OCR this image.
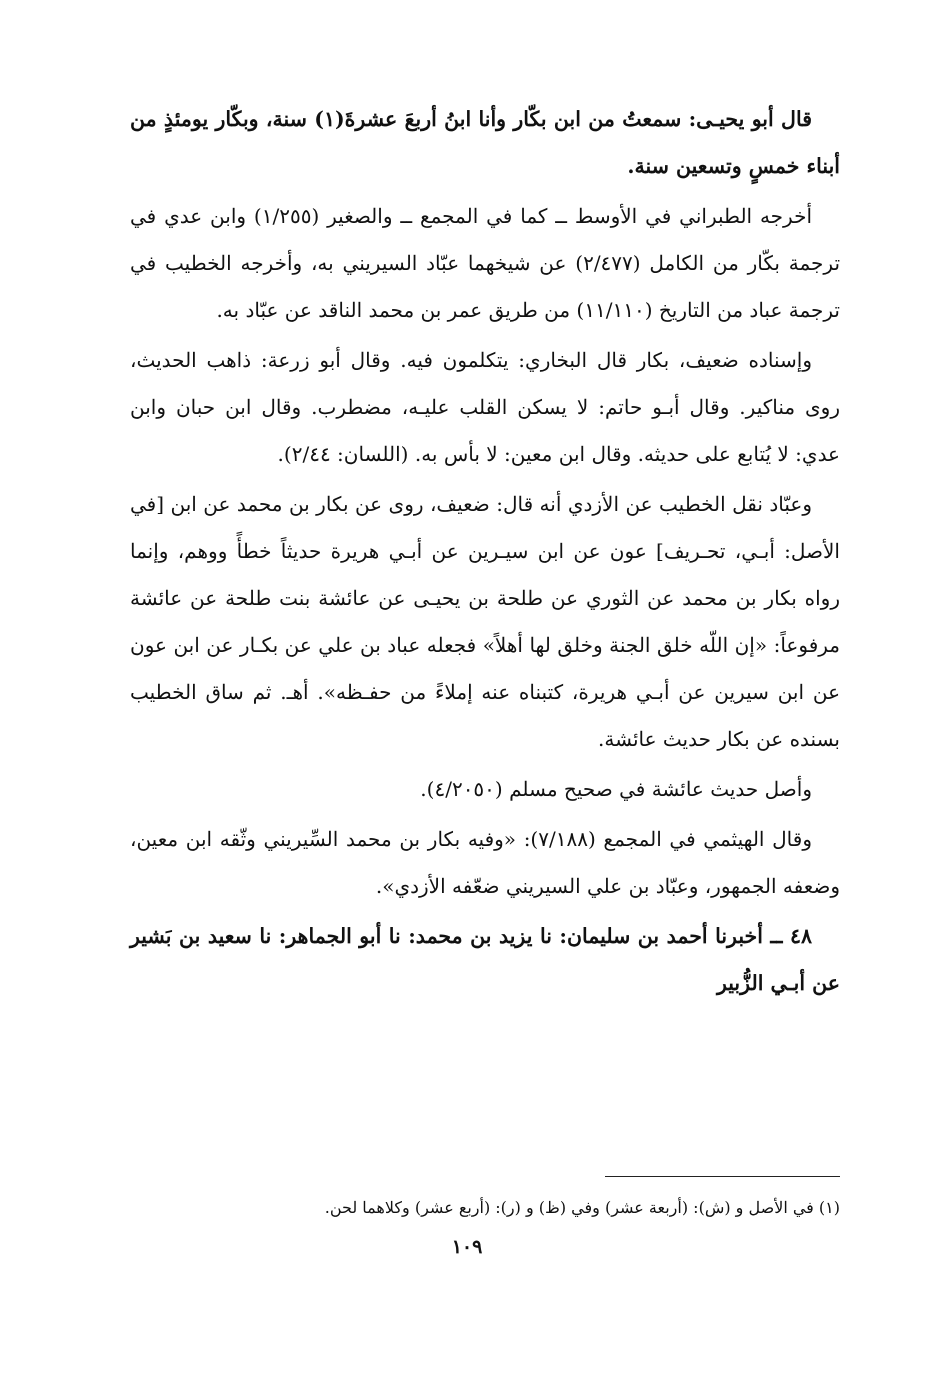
قال أبو يحيـى: سمعتُ من ابن بكّار وأنا ابنُ أربعَ عشرةَ(١) سنة، وبكّار يومئذٍ من أبناء خمسٍ وتسعين سنة.

أخرجه الطبراني في الأوسط ــ كما في المجمع ــ والصغير (١/٢٥٥) وابن عدي في ترجمة بكّار من الكامل (٢/٤٧٧) عن شيخهما عبّاد السيريني به، وأخرجه الخطيب في ترجمة عباد من التاريخ (١١/١١٠) من طريق عمر بن محمد الناقد عن عبّاد به.

وإسناده ضعيف، بكار قال البخاري: يتكلمون فيه. وقال أبو زرعة: ذاهب الحديث، روى مناكير. وقال أبـو حاتم: لا يسكن القلب عليـه، مضطرب. وقال ابن حبان وابن عدي: لا يُتابع على حديثه. وقال ابن معين: لا بأس به. (اللسان: ٢/٤٤).

وعبّاد نقل الخطيب عن الأزدي أنه قال: ضعيف، روى عن بكار بن محمد عن ابن [في الأصل: أبـي، تحـريف] عون عن ابن سيـرين عن أبـي هريرة حديثاً خطأً ووهم، وإنما رواه بكار بن محمد عن الثوري عن طلحة بن يحيـى عن عائشة بنت طلحة عن عائشة مرفوعاً: «إن اللّه خلق الجنة وخلق لها أهلاً» فجعله عباد بن علي عن بكـار عن ابن عون عن ابن سيرين عن أبـي هريرة، كتبناه عنه إملاءً من حفـظه». أهـ. ثم ساق الخطيب بسنده عن بكار حديث عائشة.

وأصل حديث عائشة في صحيح مسلم (٤/٢٠٥٠).

وقال الهيثمي في المجمع (٧/١٨٨): «وفيه بكار بن محمد السِّيريني وثّقه ابن معين، وضعفه الجمهور، وعبّاد بن علي السيريني ضعّفه الأزدي».

٤٨ ــ أخبرنا أحمد بن سليمان: نا يزيد بن محمد: نا أبو الجماهر: نا سعيد بن بَشير عن أبـي الزُّبير

(١) في الأصل و (ش): (أربعة عشر) وفي (ظ) و (ر): (أربع عشر) وكلاهما لحن.
١٠٩
